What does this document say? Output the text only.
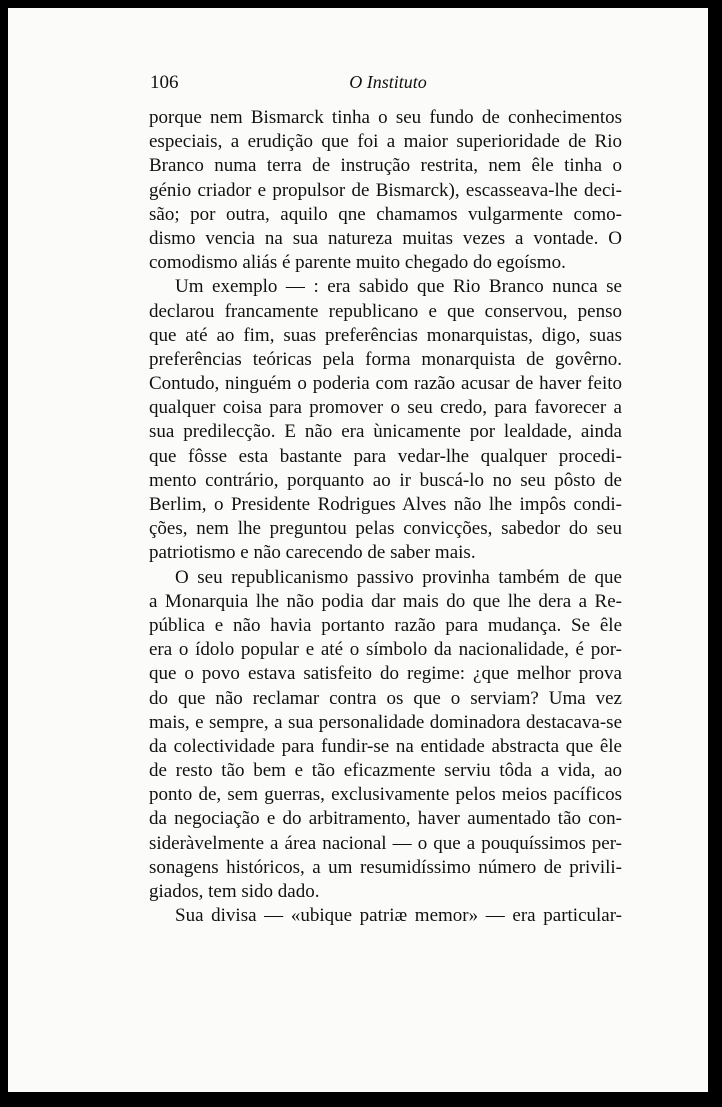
106	O Instituto
porque nem Bismarck tinha o seu fundo de conhecimentos
especiais, a erudição que foi a maior superioridade de Rio
Branco numa terra de instrução restrita, nem êle tinha o
génio criador e propulsor de Bismarck), escasseava-lhe deci-
são; por outra, aquilo qne chamamos vulgarmente como-
dismo vencia na sua natureza muitas vezes a vontade. O
comodismo aliás é parente muito chegado do egoísmo.
Um exemplo — : era sabido que Rio Branco nunca se
declarou francamente republicano e que conservou, penso
que até ao fim, suas preferências monarquistas, digo, suas
preferências teóricas pela forma monarquista de govêrno.
Contudo, ninguém o poderia com razão acusar de haver feito
qualquer coisa para promover o seu credo, para favorecer a
sua predilecção. E não era ùnicamente por lealdade, ainda
que fôsse esta bastante para vedar-lhe qualquer procedi-
mento contrário, porquanto ao ir buscá-lo no seu pôsto de
Berlim, o Presidente Rodrigues Alves não lhe impôs condi-
ções, nem lhe preguntou pelas convicções, sabedor do seu
patriotismo e não carecendo de saber mais.
O seu republicanismo passivo provinha também de que
a Monarquia lhe não podia dar mais do que lhe dera a Re-
pública e não havia portanto razão para mudança. Se êle
era o ídolo popular e até o símbolo da nacionalidade, é por-
que o povo estava satisfeito do regime: ¿que melhor prova
do que não reclamar contra os que o serviam? Uma vez
mais, e sempre, a sua personalidade dominadora destacava-se
da colectividade para fundir-se na entidade abstracta que êle
de resto tão bem e tão eficazmente serviu tôda a vida, ao
ponto de, sem guerras, exclusivamente pelos meios pacíficos
da negociação e do arbitramento, haver aumentado tão con-
sideràvelmente a área nacional — o que a pouquíssimos per-
sonagens históricos, a um resumidíssimo número de privili-
giados, tem sido dado.
Sua divisa — «ubique patriæ memor» — era particular-
